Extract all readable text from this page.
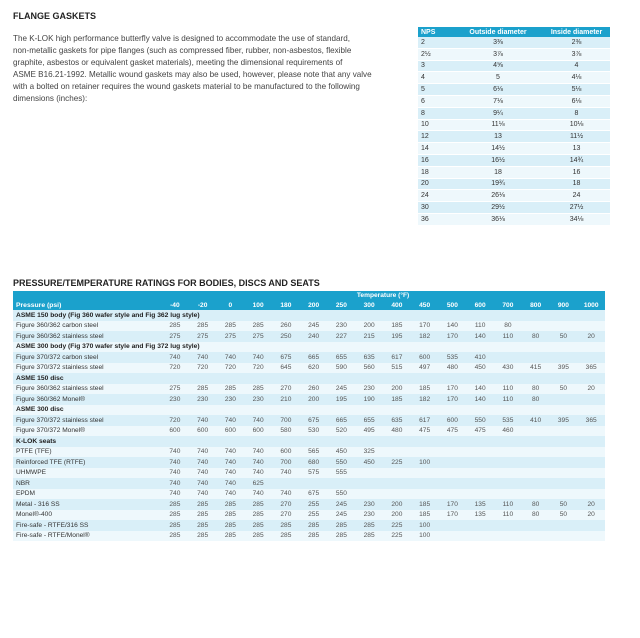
FLANGE GASKETS
The K-LOK high performance butterfly valve is designed to accommodate the use of standard,
non-metallic gaskets for pipe flanges (such as compressed fiber, rubber, non-asbestos, flexible
graphite, asbestos or equivalent gasket materials), meeting the dimensional requirements of
ASME B16.21-1992. Metallic wound gaskets may also be used, however, please note that any valve
with a bolted on retainer requires the wound gaskets material to be manufactured to the following
dimensions (inches):
NPS	Outside diameter	Inside diameter
2	3⅜	2⅜
2½	3⅞	3⅞
3	4⅝	4
4	5	4⅛
5	6⅛	5⅛
6	7⅛	6⅛
8	9¼	8
10	11⅛	10⅛
12	13	11½
14	14½	13
16	16½	14¾
18	18	16
20	19¾	18
24	26⅛	24
30	29½	27½
36	36⅛	34⅛
PRESSURE/TEMPERATURE RATINGS FOR BODIES, DISCS AND SEATS
	Temperature (°F)															
Pressure (psi)	-40	-20	0	100	180	200	250	300	400	450	500	600	700	800	900	1000
ASME 150 body (Fig 360 wafer style and Fig 362 lug style)																
Figure 360/362 carbon steel	285	285	285	285	260	245	230	200	185	170	140	110	80			
Figure 360/362 stainless steel	275	275	275	275	250	240	227	215	195	182	170	140	110	80	50	20
ASME 300 body (Fig 370 wafer style and Fig 372 lug style)																
Figure 370/372 carbon steel	740	740	740	740	675	665	655	635	617	600	535	410				
Figure 370/372 stainless steel	720	720	720	720	645	620	590	560	515	497	480	450	430	415	395	365
ASME 150 disc																
Figure 360/362 stainless steel	275	285	285	285	270	260	245	230	200	185	170	140	110	80	50	20
Figure 360/362 Monel®	230	230	230	230	210	200	195	190	185	182	170	140	110	80		
ASME 300 disc																
Figure 370/372 stainless steel	720	740	740	740	700	675	665	655	635	617	600	550	535	410	395	365
Figure 370/372 Monel®	600	600	600	600	580	530	520	495	480	475	475	475	460			
K-LOK seats																
PTFE (TFE)	740	740	740	740	600	565	450	325								
Reinforced TFE (RTFE)	740	740	740	740	700	680	550	450	225	100						
UHMWPE	740	740	740	740	740	575	555									
NBR	740	740	740	625												
EPDM	740	740	740	740	740	675	550									
Metal - 316 SS	285	285	285	285	270	255	245	230	200	185	170	135	110	80	50	20
Monel®-400	285	285	285	285	270	255	245	230	200	185	170	135	110	80	50	20
Fire-safe - RTFE/316 SS	285	285	285	285	285	285	285	285	225	100						
Fire-safe - RTFE/Monel®	285	285	285	285	285	285	285	285	225	100						
